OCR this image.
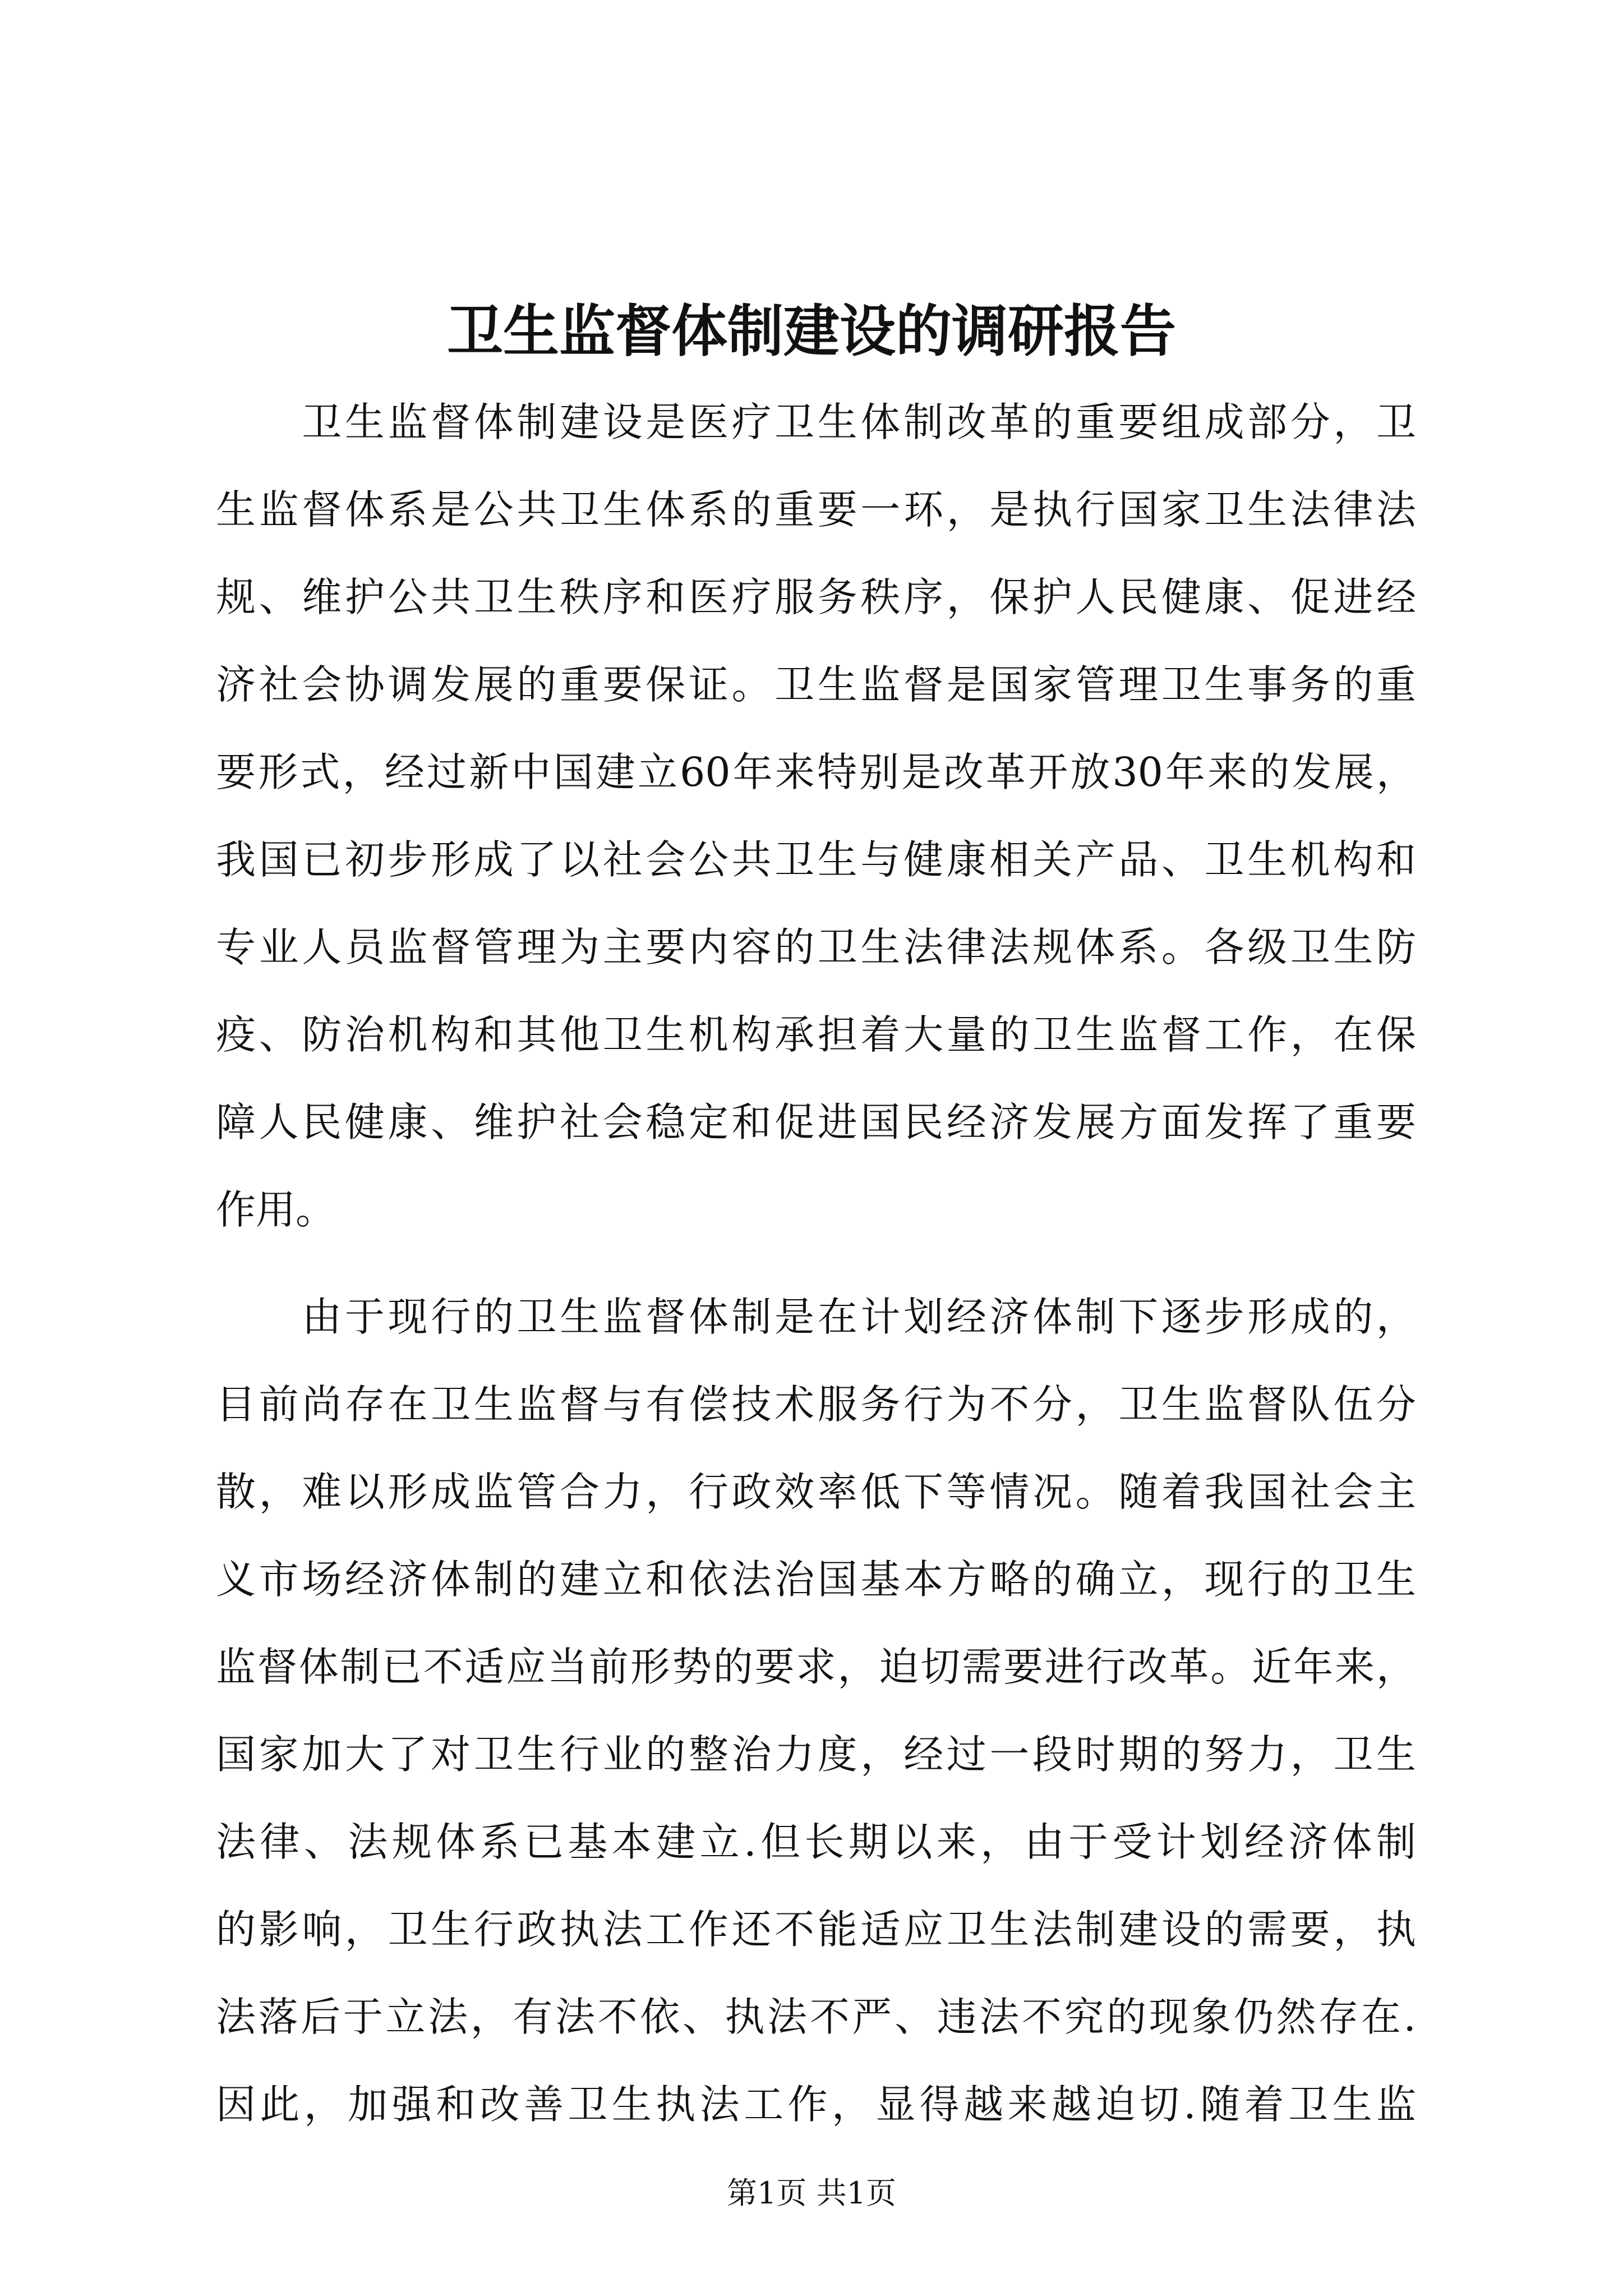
卫生监督体制建设的调研报告
　　卫生监督体制建设是医疗卫生体制改革的重要组成部分，卫
生监督体系是公共卫生体系的重要一环，是执行国家卫生法律法
规、维护公共卫生秩序和医疗服务秩序，保护人民健康、促进经
济社会协调发展的重要保证。卫生监督是国家管理卫生事务的重
要形式，经过新中国建立60年来特别是改革开放30年来的发展，
我国已初步形成了以社会公共卫生与健康相关产品、卫生机构和
专业人员监督管理为主要内容的卫生法律法规体系。各级卫生防
疫、防治机构和其他卫生机构承担着大量的卫生监督工作，在保
障人民健康、维护社会稳定和促进国民经济发展方面发挥了重要
作用。
　　由于现行的卫生监督体制是在计划经济体制下逐步形成的，
目前尚存在卫生监督与有偿技术服务行为不分，卫生监督队伍分
散，难以形成监管合力，行政效率低下等情况。随着我国社会主
义市场经济体制的建立和依法治国基本方略的确立，现行的卫生
监督体制已不适应当前形势的要求，迫切需要进行改革。近年来，
国家加大了对卫生行业的整治力度，经过一段时期的努力，卫生
法律、法规体系已基本建立.但长期以来，由于受计划经济体制
的影响，卫生行政执法工作还不能适应卫生法制建设的需要，执
法落后于立法，有法不依、执法不严、违法不究的现象仍然存在.
因此，加强和改善卫生执法工作，显得越来越迫切.随着卫生监
第1页 共1页
